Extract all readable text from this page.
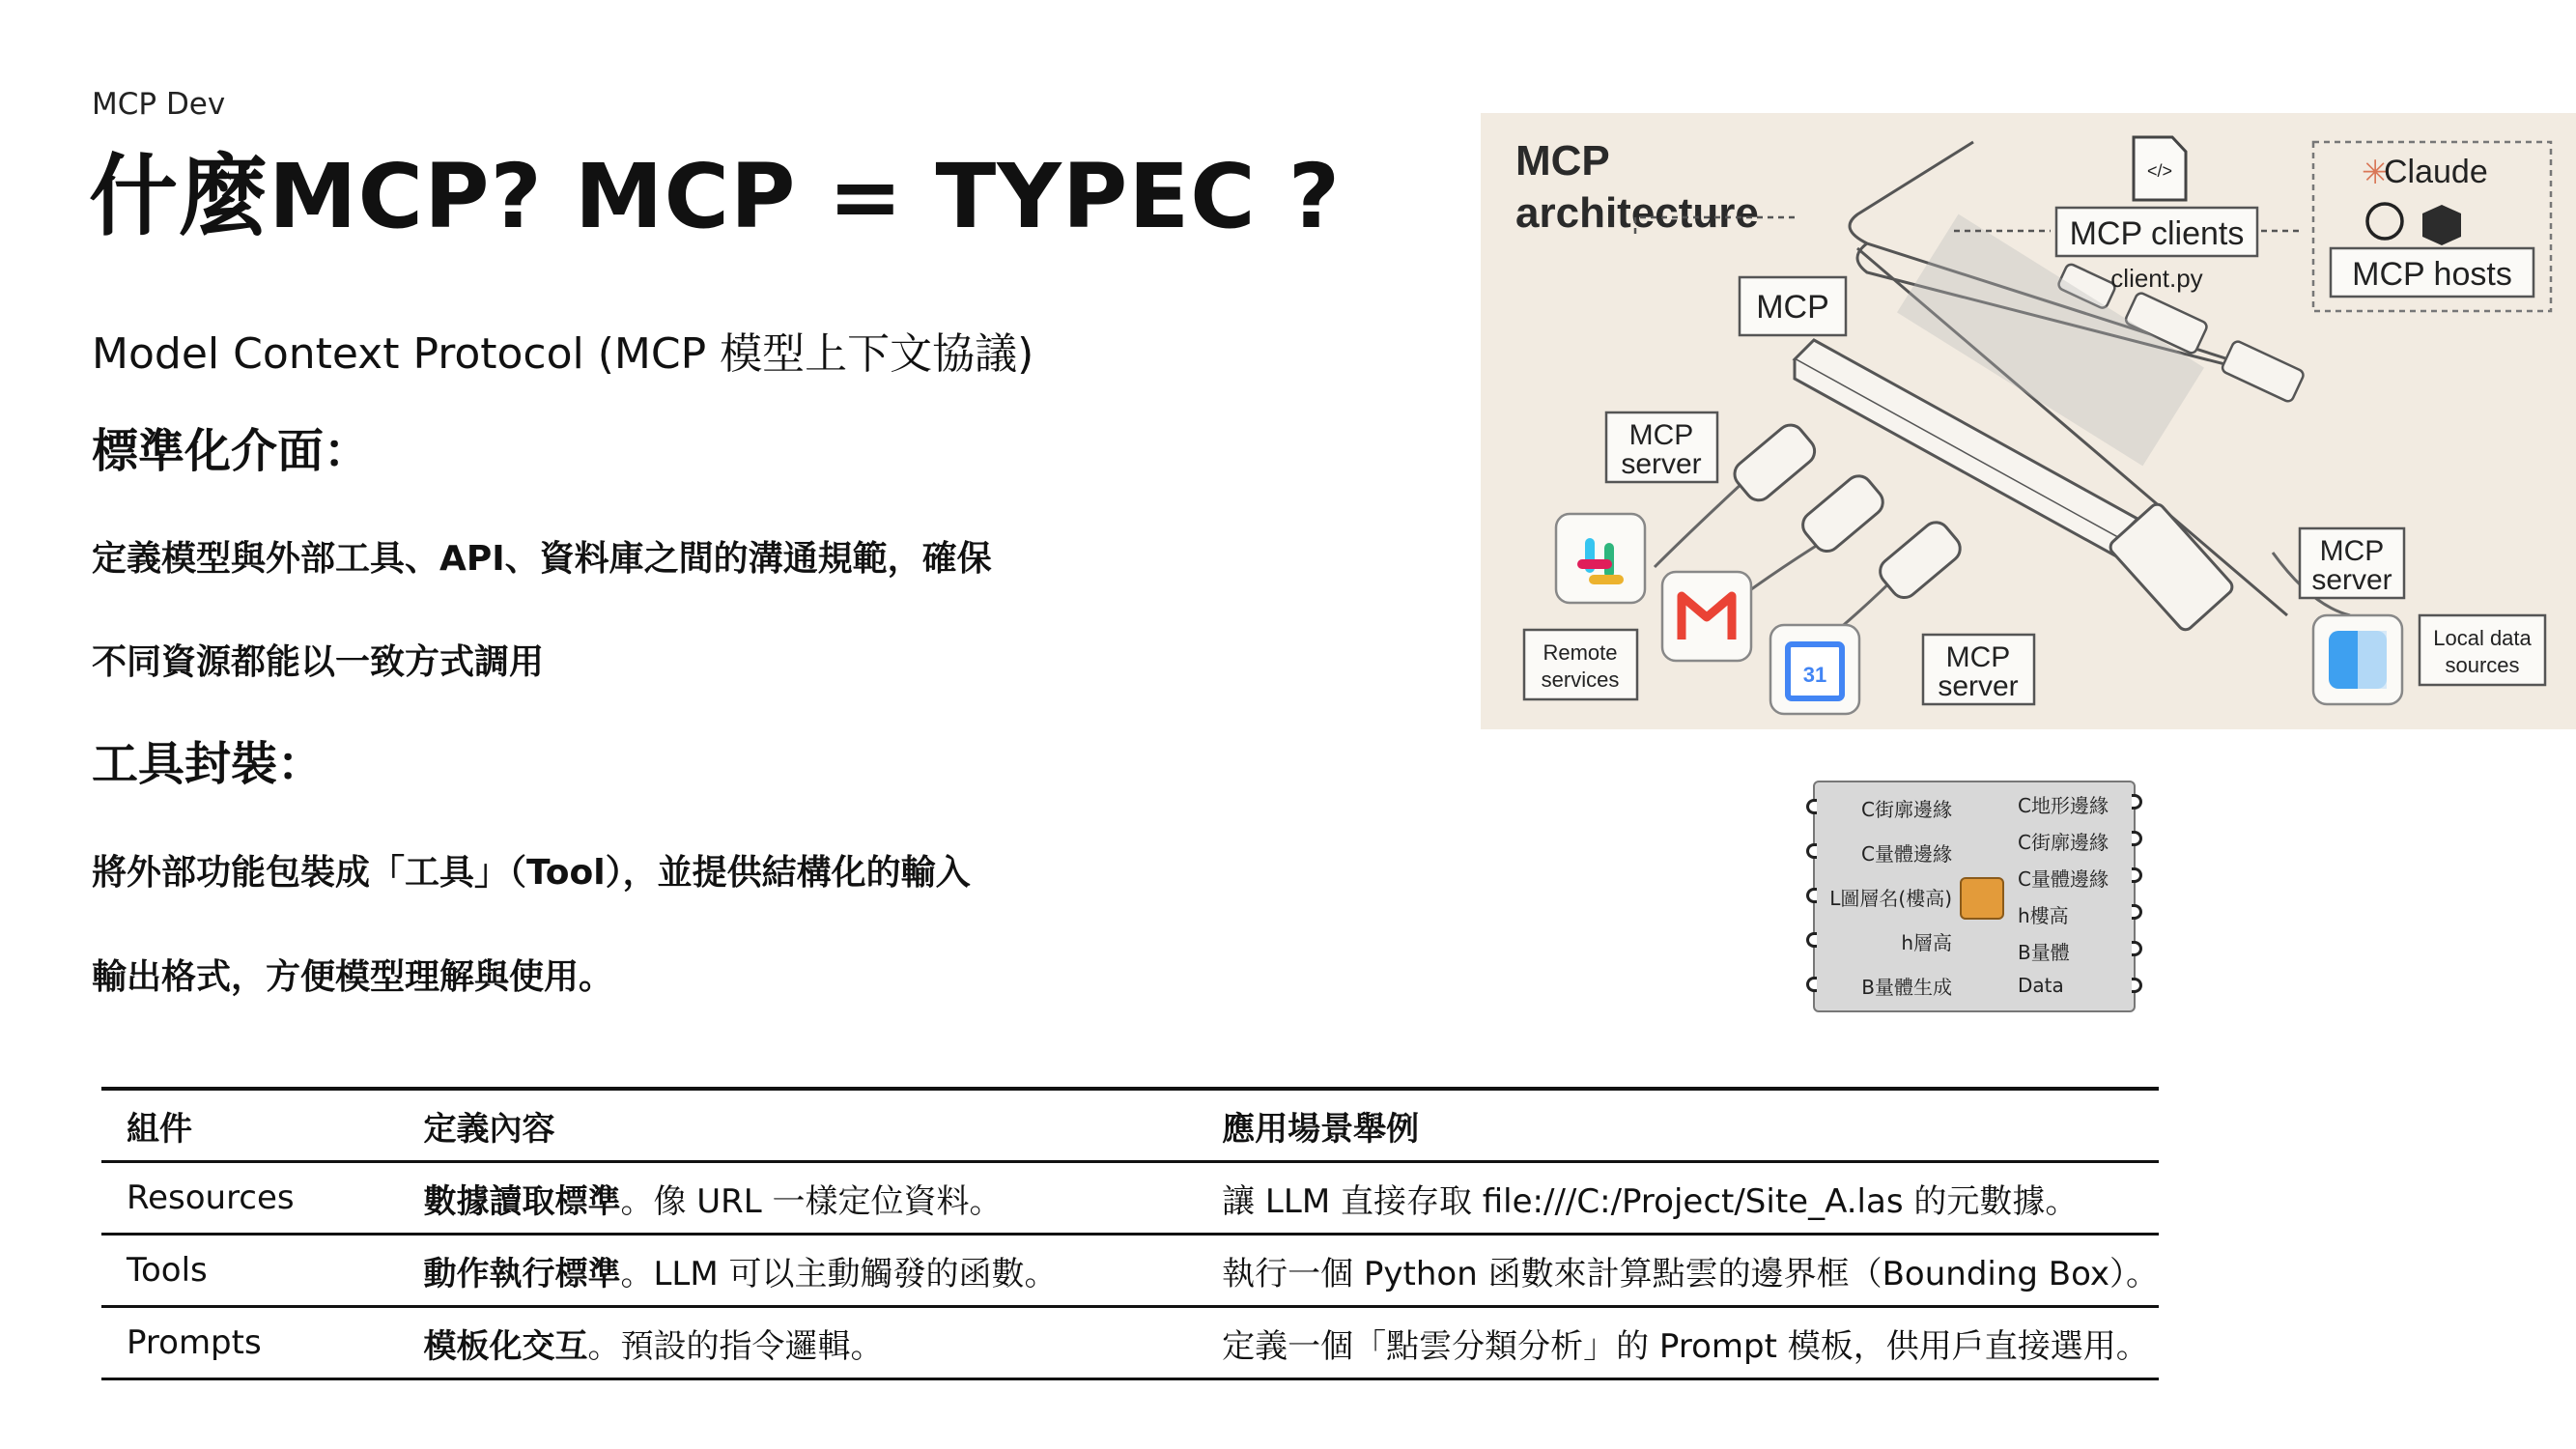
MCP Dev
什麼MCP? MCP = TYPEC ?
Model Context Protocol (MCP 模型上下文協議)
標準化介面：
定義模型與外部工具、API、資料庫之間的溝通規範，確保
不同資源都能以一致方式調用
工具封裝：
將外部功能包裝成「工具」（Tool），並提供結構化的輸入
輸出格式，方便模型理解與使用。
MCP
architecture
</>
MCP clients
client.py
✳
Claude
MCP hosts
MCP
MCP
server
Remote
services	31
MCP
server
MCP
server
Local data
sources
C街廓邊緣
C量體邊緣
L圖層名(樓高)
h層高
B量體生成
C地形邊緣
C街廓邊緣
C量體邊緣
h樓高
B量體
Data
組件	定義內容	應用場景舉例
Resources	數據讀取標準。像 URL 一樣定位資料。	讓 LLM 直接存取 file:///C:/Project/Site_A.las 的元數據。
Tools	動作執行標準。LLM 可以主動觸發的函數。	執行一個 Python 函數來計算點雲的邊界框（Bounding Box）。
Prompts	模板化交互。預設的指令邏輯。	定義一個「點雲分類分析」的 Prompt 模板，供用戶直接選用。
